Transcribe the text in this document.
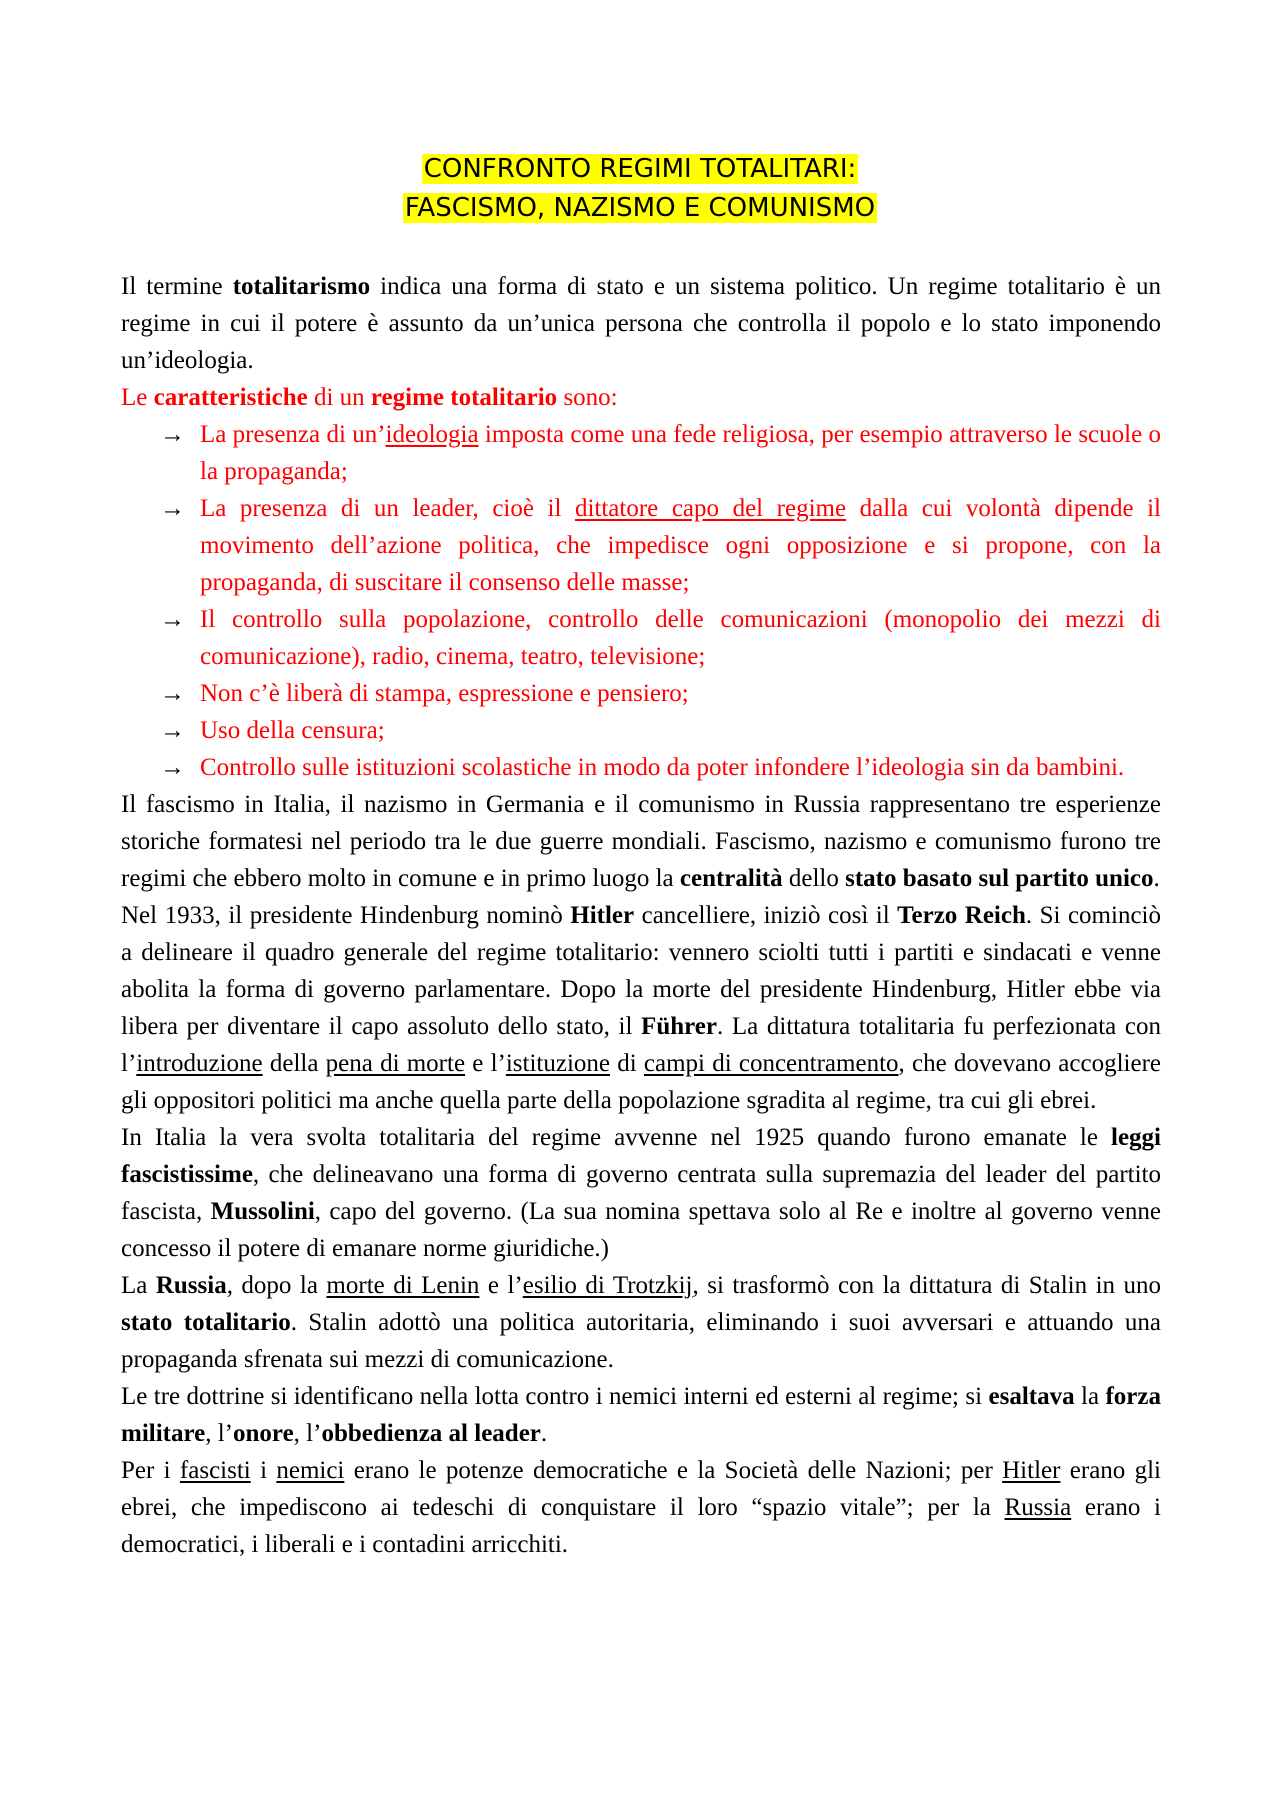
CONFRONTO REGIMI TOTALITARI:
FASCISMO, NAZISMO E COMUNISMO

Il termine totalitarismo indica una forma di stato e un sistema politico. Un regime totalitario è un regime in cui il potere è assunto da un’unica persona che controlla il popolo e lo stato imponendo un’ideologia.

Le caratteristiche di un regime totalitario sono:

→ La presenza di un’ideologia imposta come una fede religiosa, per esempio attraverso le scuole o la propaganda;
→ La presenza di un leader, cioè il dittatore capo del regime dalla cui volontà dipende il movimento dell’azione politica, che impedisce ogni opposizione e si propone, con la propaganda, di suscitare il consenso delle masse;
→ Il controllo sulla popolazione, controllo delle comunicazioni (monopolio dei mezzi di comunicazione), radio, cinema, teatro, televisione;
→ Non c’è liberà di stampa, espressione e pensiero;
→ Uso della censura;
→ Controllo sulle istituzioni scolastiche in modo da poter infondere l’ideologia sin da bambini.

Il fascismo in Italia, il nazismo in Germania e il comunismo in Russia rappresentano tre esperienze storiche formatesi nel periodo tra le due guerre mondiali. Fascismo, nazismo e comunismo furono tre regimi che ebbero molto in comune e in primo luogo la centralità dello stato basato sul partito unico.

Nel 1933, il presidente Hindenburg nominò Hitler cancelliere, iniziò così il Terzo Reich. Si cominciò a delineare il quadro generale del regime totalitario: vennero sciolti tutti i partiti e sindacati e venne abolita la forma di governo parlamentare. Dopo la morte del presidente Hindenburg, Hitler ebbe via libera per diventare il capo assoluto dello stato, il Führer. La dittatura totalitaria fu perfezionata con l’introduzione della pena di morte e l’istituzione di campi di concentramento, che dovevano accogliere gli oppositori politici ma anche quella parte della popolazione sgradita al regime, tra cui gli ebrei.

In Italia la vera svolta totalitaria del regime avvenne nel 1925 quando furono emanate le leggi fascistissime, che delineavano una forma di governo centrata sulla supremazia del leader del partito fascista, Mussolini, capo del governo. (La sua nomina spettava solo al Re e inoltre al governo venne concesso il potere di emanare norme giuridiche.)

La Russia, dopo la morte di Lenin e l’esilio di Trotzkij, si trasformò con la dittatura di Stalin in uno stato totalitario. Stalin adottò una politica autoritaria, eliminando i suoi avversari e attuando una propaganda sfrenata sui mezzi di comunicazione.

Le tre dottrine si identificano nella lotta contro i nemici interni ed esterni al regime; si esaltava la forza militare, l’onore, l’obbedienza al leader.

Per i fascisti i nemici erano le potenze democratiche e la Società delle Nazioni; per Hitler erano gli ebrei, che impediscono ai tedeschi di conquistare il loro “spazio vitale”; per la Russia erano i democratici, i liberali e i contadini arricchiti.
